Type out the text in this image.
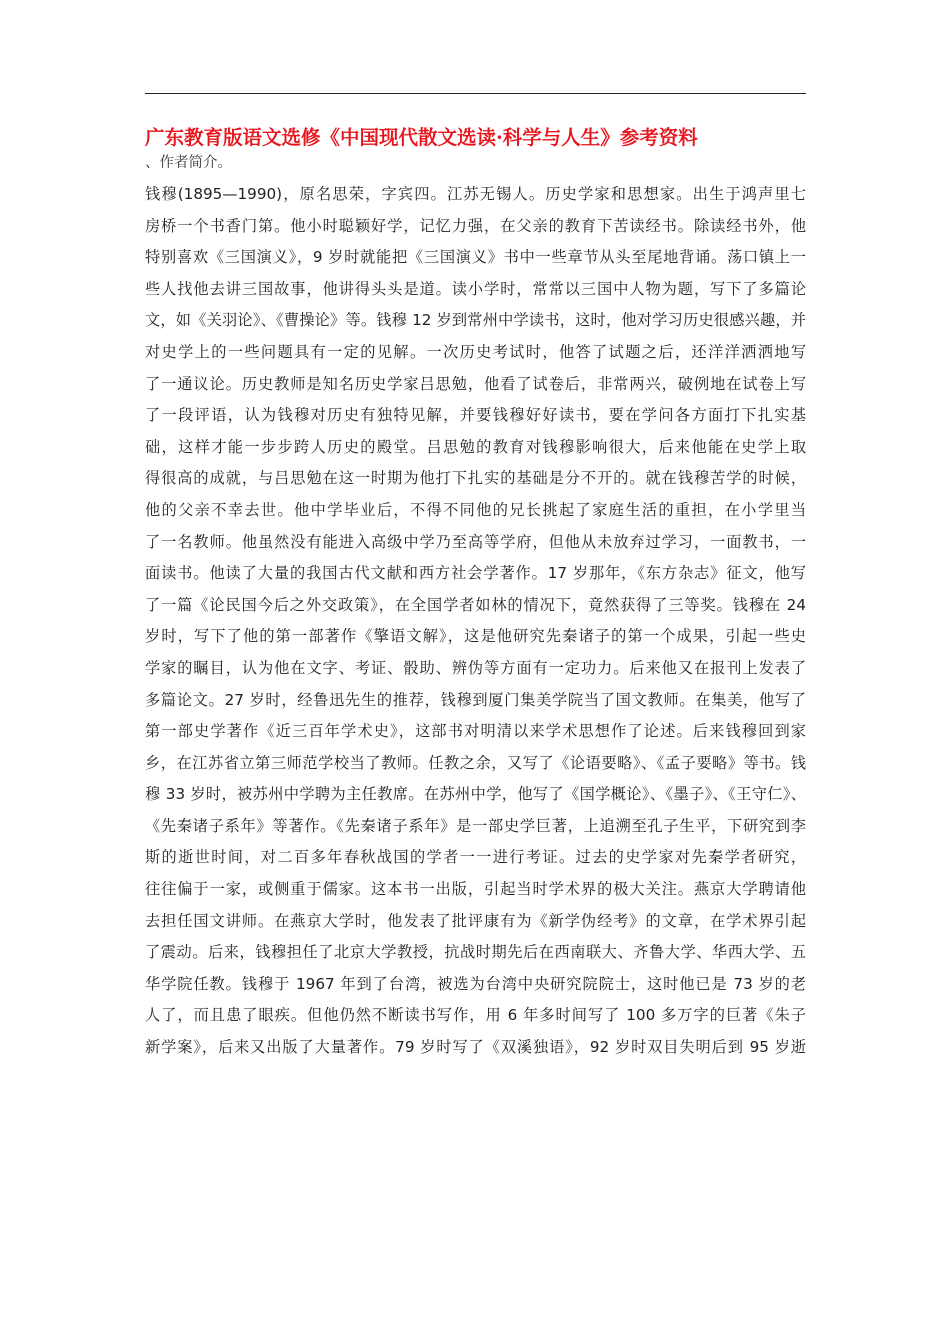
广东教育版语文选修《中国现代散文选读·科学与人生》参考资料

、作者简介。

钱穆(1895—1990)，原名思荣，字宾四。江苏无锡人。历史学家和思想家。出生于鸿声里七
房桥一个书香门第。他小时聪颖好学，记忆力强，在父亲的教育下苦读经书。除读经书外，他
特别喜欢《三国演义》，9 岁时就能把《三国演义》书中一些章节从头至尾地背诵。荡口镇上一
些人找他去讲三国故事，他讲得头头是道。读小学时，常常以三国中人物为题，写下了多篇论
文，如《关羽论》、《曹操论》等。钱穆 12 岁到常州中学读书，这时，他对学习历史很感兴趣，并
对史学上的一些问题具有一定的见解。一次历史考试时，他答了试题之后，还洋洋洒洒地写
了一通议论。历史教师是知名历史学家吕思勉，他看了试卷后，非常两兴，破例地在试卷上写
了一段评语，认为钱穆对历史有独特见解，并要钱穆好好读书，要在学问各方面打下扎实基
础，这样才能一步步跨人历史的殿堂。吕思勉的教育对钱穆影响很大，后来他能在史学上取
得很高的成就，与吕思勉在这一时期为他打下扎实的基础是分不开的。就在钱穆苦学的时候，
他的父亲不幸去世。他中学毕业后，不得不同他的兄长挑起了家庭生活的重担，在小学里当
了一名教师。他虽然没有能进入高级中学乃至高等学府，但他从未放弃过学习，一面教书，一
面读书。他读了大量的我国古代文献和西方社会学著作。17 岁那年，《东方杂志》征文，他写
了一篇《论民国今后之外交政策》，在全国学者如林的情况下，竟然获得了三等奖。钱穆在 24
岁时，写下了他的第一部著作《擎语文解》，这是他研究先秦诸子的第一个成果，引起一些史
学家的瞩目，认为他在文字、考证、骰助、辨伪等方面有一定功力。后来他又在报刊上发表了
多篇论文。27 岁时，经鲁迅先生的推荐，钱穆到厦门集美学院当了国文教师。在集美，他写了
第一部史学著作《近三百年学术史》，这部书对明清以来学术思想作了论述。后来钱穆回到家
乡，在江苏省立第三师范学校当了教师。任教之余，又写了《论语要略》、《孟子要略》等书。钱
穆 33 岁时，被苏州中学聘为主任教席。在苏州中学，他写了《国学概论》、《墨子》、《王守仁》、
《先秦诸子系年》等著作。《先秦诸子系年》是一部史学巨著，上追溯至孔子生平，下研究到李
斯的逝世时间，对二百多年春秋战国的学者一一进行考证。过去的史学家对先秦学者研究，
往往偏于一家，或侧重于儒家。这本书一出版，引起当时学术界的极大关注。燕京大学聘请他
去担任国文讲师。在燕京大学时，他发表了批评康有为《新学伪经考》的文章，在学术界引起
了震动。后来，钱穆担任了北京大学教授，抗战时期先后在西南联大、齐鲁大学、华西大学、五
华学院任教。钱穆于 1967 年到了台湾，被选为台湾中央研究院院士，这时他已是 73 岁的老
人了，而且患了眼疾。但他仍然不断读书写作，用 6 年多时间写了 100 多万字的巨著《朱子
新学案》，后来又出版了大量著作。79 岁时写了《双溪独语》，92 岁时双目失明后到 95 岁逝
